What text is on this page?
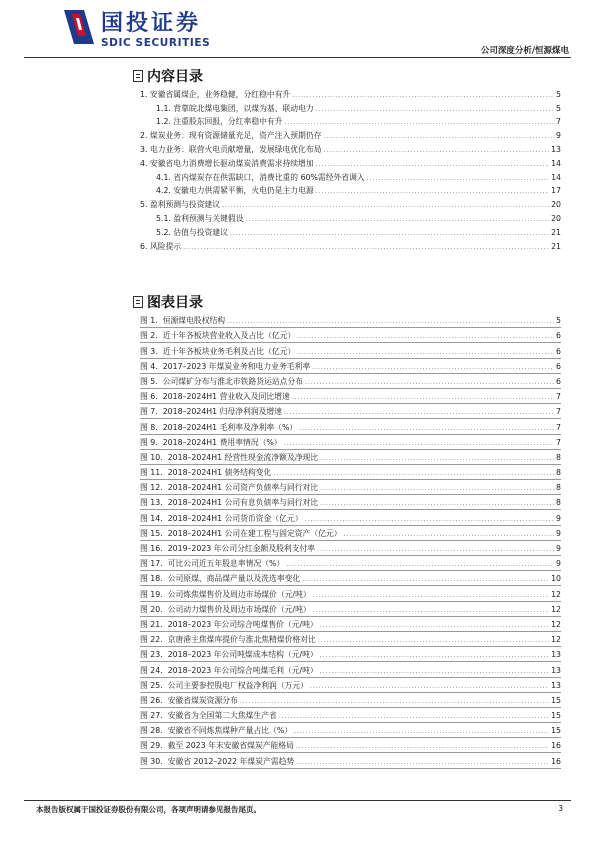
国投证券
SDIC SECURITIES
公司深度分析/恒源煤电
内容目录
1. 安徽省属煤企，业务稳健，分红稳中有升 .....	5
1.1. 背靠皖北煤电集团，以煤为基、联动电力 .....	5
1.2. 注重股东回报，分红率稳中有升 .....	7
2. 煤炭业务：现有资源储量充足，资产注入预期仍存 .....	9
3. 电力业务：联营火电贡献增量，发展绿电优化布局 .....	13
4. 安徽省电力消费增长驱动煤炭消费需求持续增加 .....	14
4.1. 省内煤炭存在供需缺口，消费比重的 60%需经外省调入 .....	14
4.2. 安徽电力供需紧平衡，火电仍是主力电源 .....	17
5. 盈利预测与投资建议 .....	20
5.1. 盈利预测与关键假设 .....	20
5.2. 估值与投资建议 .....	21
6. 风险提示 .....	21
图表目录
图 1. 恒源煤电股权结构 .....	5
图 2. 近十年各板块营业收入及占比（亿元） .....	6
图 3. 近十年各板块业务毛利及占比（亿元） .....	6
图 4. 2017–2023 年煤炭业务和电力业务毛利率 .....	6
图 5. 公司煤矿分布与淮北市铁路货运站点分布 .....	6
图 6. 2018–2024H1 营业收入及同比增速 .....	7
图 7. 2018–2024H1 归母净利润及增速 .....	7
图 8. 2018–2024H1 毛利率及净利率（%） .....	7
图 9. 2018–2024H1 费用率情况（%） .....	7
图 10. 2018–2024H1 经营性现金流净额及净现比 .....	8
图 11. 2018–2024H1 债务结构变化 .....	8
图 12. 2018–2024H1 公司资产负债率与同行对比 .....	8
图 13. 2018–2024H1 公司有息负债率与同行对比 .....	8
图 14. 2018–2024H1 公司货币资金（亿元） .....	9
图 15. 2018–2024H1 公司在建工程与固定资产（亿元） .....	9
图 16. 2019–2023 年公司分红金额及股利支付率 .....	9
图 17. 可比公司近五年股息率情况（%） .....	9
图 18. 公司原煤、商品煤产量以及洗选率变化 .....	10
图 19. 公司炼焦煤售价及周边市场煤价（元/吨） .....	12
图 20. 公司动力煤售价及周边市场煤价（元/吨） .....	12
图 21. 2018–2023 年公司综合吨煤售价（元/吨） .....	12
图 22. 京唐港主焦煤库提价与淮北焦精煤价格对比 .....	12
图 23. 2018–2023 年公司吨煤成本结构（元/吨） .....	13
图 24. 2018–2023 年公司综合吨煤毛利（元/吨） .....	13
图 25. 公司主要参控股电厂权益净利润（万元） .....	13
图 26. 安徽省煤炭资源分布 .....	15
图 27. 安徽省为全国第二大焦煤生产省 .....	15
图 28. 安徽省不同炼焦煤种产量占比（%） .....	15
图 29. 截至 2023 年末安徽省煤炭产能格局 .....	16
图 30. 安徽省 2012–2022 年煤炭产需趋势 .....	16
本报告版权属于国投证券股份有限公司，各项声明请参见报告尾页。	3
